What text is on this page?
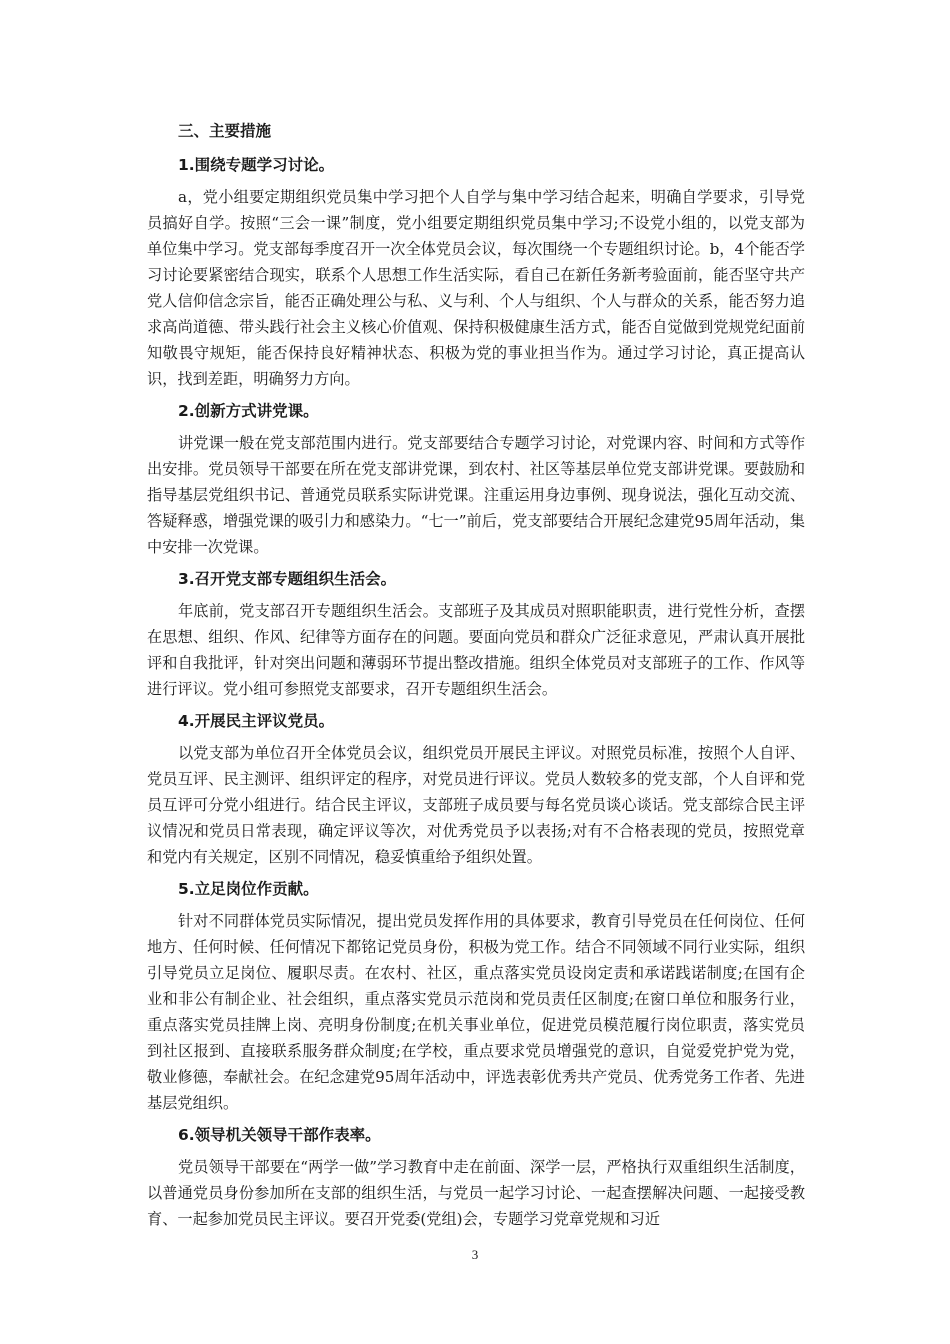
三、主要措施
1.围绕专题学习讨论。

a，党小组要定期组织党员集中学习把个人自学与集中学习结合起来，明确自学要求，引导党员搞好自学。按照“三会一课”制度，党小组要定期组织党员集中学习;不设党小组的，以党支部为单位集中学习。党支部每季度召开一次全体党员会议，每次围绕一个专题组织讨论。b，4个能否学习讨论要紧密结合现实，联系个人思想工作生活实际，看自己在新任务新考验面前，能否坚守共产党人信仰信念宗旨，能否正确处理公与私、义与利、个人与组织、个人与群众的关系，能否努力追求高尚道德、带头践行社会主义核心价值观、保持积极健康生活方式，能否自觉做到党规党纪面前知敬畏守规矩，能否保持良好精神状态、积极为党的事业担当作为。通过学习讨论，真正提高认识，找到差距，明确努力方向。

2.创新方式讲党课。

讲党课一般在党支部范围内进行。党支部要结合专题学习讨论，对党课内容、时间和方式等作出安排。党员领导干部要在所在党支部讲党课，到农村、社区等基层单位党支部讲党课。要鼓励和指导基层党组织书记、普通党员联系实际讲党课。注重运用身边事例、现身说法，强化互动交流、答疑释惑，增强党课的吸引力和感染力。“七一”前后，党支部要结合开展纪念建党95周年活动，集中安排一次党课。

3.召开党支部专题组织生活会。

年底前，党支部召开专题组织生活会。支部班子及其成员对照职能职责，进行党性分析，查摆在思想、组织、作风、纪律等方面存在的问题。要面向党员和群众广泛征求意见，严肃认真开展批评和自我批评，针对突出问题和薄弱环节提出整改措施。组织全体党员对支部班子的工作、作风等进行评议。党小组可参照党支部要求，召开专题组织生活会。

4.开展民主评议党员。

以党支部为单位召开全体党员会议，组织党员开展民主评议。对照党员标准，按照个人自评、党员互评、民主测评、组织评定的程序，对党员进行评议。党员人数较多的党支部，个人自评和党员互评可分党小组进行。结合民主评议，支部班子成员要与每名党员谈心谈话。党支部综合民主评议情况和党员日常表现，确定评议等次，对优秀党员予以表扬;对有不合格表现的党员，按照党章和党内有关规定，区别不同情况，稳妥慎重给予组织处置。

5.立足岗位作贡献。

针对不同群体党员实际情况，提出党员发挥作用的具体要求，教育引导党员在任何岗位、任何地方、任何时候、任何情况下都铭记党员身份，积极为党工作。结合不同领域不同行业实际，组织引导党员立足岗位、履职尽责。在农村、社区，重点落实党员设岗定责和承诺践诺制度;在国有企业和非公有制企业、社会组织，重点落实党员示范岗和党员责任区制度;在窗口单位和服务行业，重点落实党员挂牌上岗、亮明身份制度;在机关事业单位，促进党员模范履行岗位职责，落实党员到社区报到、直接联系服务群众制度;在学校，重点要求党员增强党的意识，自觉爱党护党为党，敬业修德，奉献社会。在纪念建党95周年活动中，评选表彰优秀共产党员、优秀党务工作者、先进基层党组织。

6.领导机关领导干部作表率。

党员领导干部要在“两学一做”学习教育中走在前面、深学一层，严格执行双重组织生活制度，以普通党员身份参加所在支部的组织生活，与党员一起学习讨论、一起查摆解决问题、一起接受教育、一起参加党员民主评议。要召开党委(党组)会，专题学习党章党规和习近

3
